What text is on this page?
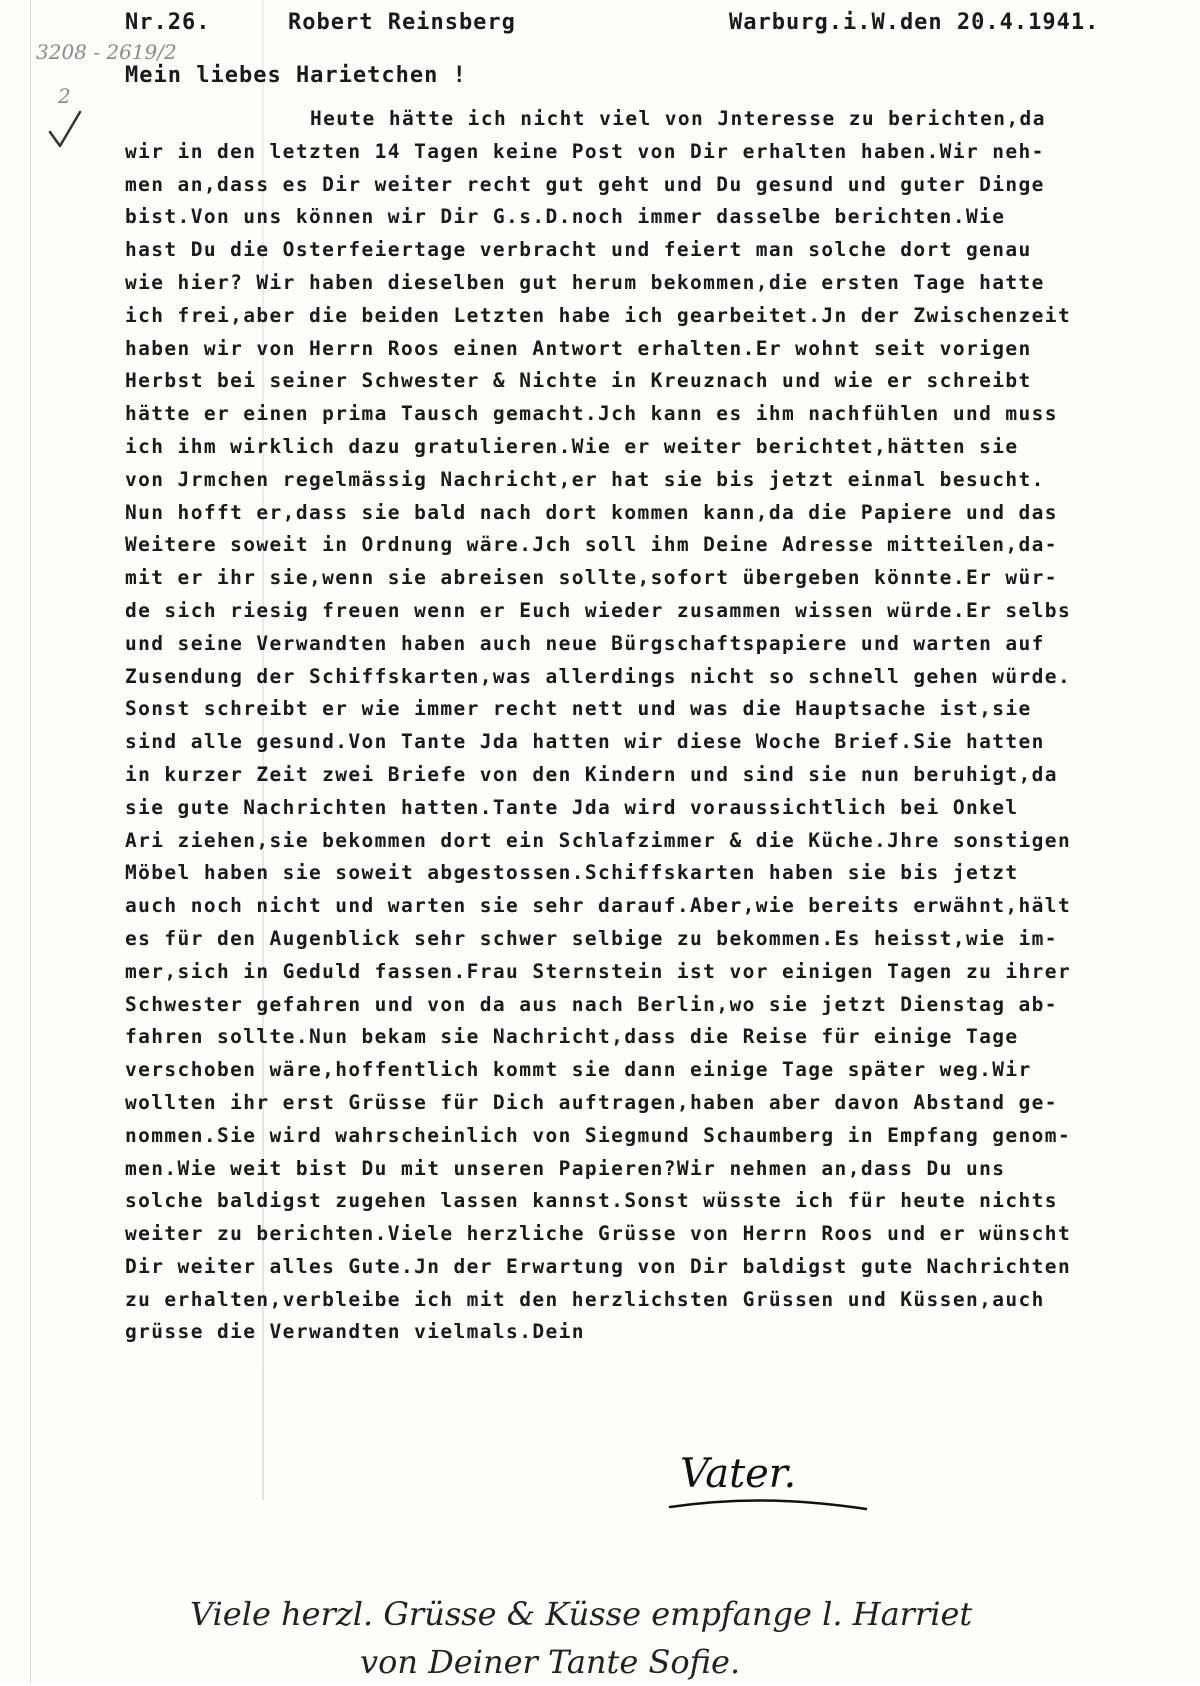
Nr.26.	Robert Reinsberg	Warburg.i.W.den 20.4.1941.
3208 - 2619/2
2
Mein liebes Harietchen !
Heute hätte ich nicht viel von Jnteresse zu berichten,da
wir in den letzten 14 Tagen keine Post von Dir erhalten haben.Wir neh-
men an,dass es Dir weiter recht gut geht und Du gesund und guter Dinge
bist.Von uns können wir Dir G.s.D.noch immer dasselbe berichten.Wie
hast Du die Osterfeiertage verbracht und feiert man solche dort genau
wie hier? Wir haben dieselben gut herum bekommen,die ersten Tage hatte
ich frei,aber die beiden Letzten habe ich gearbeitet.Jn der Zwischenzeit
haben wir von Herrn Roos einen Antwort erhalten.Er wohnt seit vorigen
Herbst bei seiner Schwester & Nichte in Kreuznach und wie er schreibt
hätte er einen prima Tausch gemacht.Jch kann es ihm nachfühlen und muss
ich ihm wirklich dazu gratulieren.Wie er weiter berichtet,hätten sie
von Jrmchen regelmässig Nachricht,er hat sie bis jetzt einmal besucht.
Nun hofft er,dass sie bald nach dort kommen kann,da die Papiere und das
Weitere soweit in Ordnung wäre.Jch soll ihm Deine Adresse mitteilen,da-
mit er ihr sie,wenn sie abreisen sollte,sofort übergeben könnte.Er wür-
de sich riesig freuen wenn er Euch wieder zusammen wissen würde.Er selbs
und seine Verwandten haben auch neue Bürgschaftspapiere und warten auf
Zusendung der Schiffskarten,was allerdings nicht so schnell gehen würde.
Sonst schreibt er wie immer recht nett und was die Hauptsache ist,sie
sind alle gesund.Von Tante Jda hatten wir diese Woche Brief.Sie hatten
in kurzer Zeit zwei Briefe von den Kindern und sind sie nun beruhigt,da
sie gute Nachrichten hatten.Tante Jda wird voraussichtlich bei Onkel
Ari ziehen,sie bekommen dort ein Schlafzimmer & die Küche.Jhre sonstigen
Möbel haben sie soweit abgestossen.Schiffskarten haben sie bis jetzt
auch noch nicht und warten sie sehr darauf.Aber,wie bereits erwähnt,hält
es für den Augenblick sehr schwer selbige zu bekommen.Es heisst,wie im-
mer,sich in Geduld fassen.Frau Sternstein ist vor einigen Tagen zu ihrer
Schwester gefahren und von da aus nach Berlin,wo sie jetzt Dienstag ab-
fahren sollte.Nun bekam sie Nachricht,dass die Reise für einige Tage
verschoben wäre,hoffentlich kommt sie dann einige Tage später weg.Wir
wollten ihr erst Grüsse für Dich auftragen,haben aber davon Abstand ge-
nommen.Sie wird wahrscheinlich von Siegmund Schaumberg in Empfang genom-
men.Wie weit bist Du mit unseren Papieren?Wir nehmen an,dass Du uns
solche baldigst zugehen lassen kannst.Sonst wüsste ich für heute nichts
weiter zu berichten.Viele herzliche Grüsse von Herrn Roos und er wünscht
Dir weiter alles Gute.Jn der Erwartung von Dir baldigst gute Nachrichten
zu erhalten,verbleibe ich mit den herzlichsten Grüssen und Küssen,auch
grüsse die Verwandten vielmals.Dein
Vater.
Viele herzl. Grüsse & Küsse empfange l. Harriet
von Deiner Tante Sofie.
